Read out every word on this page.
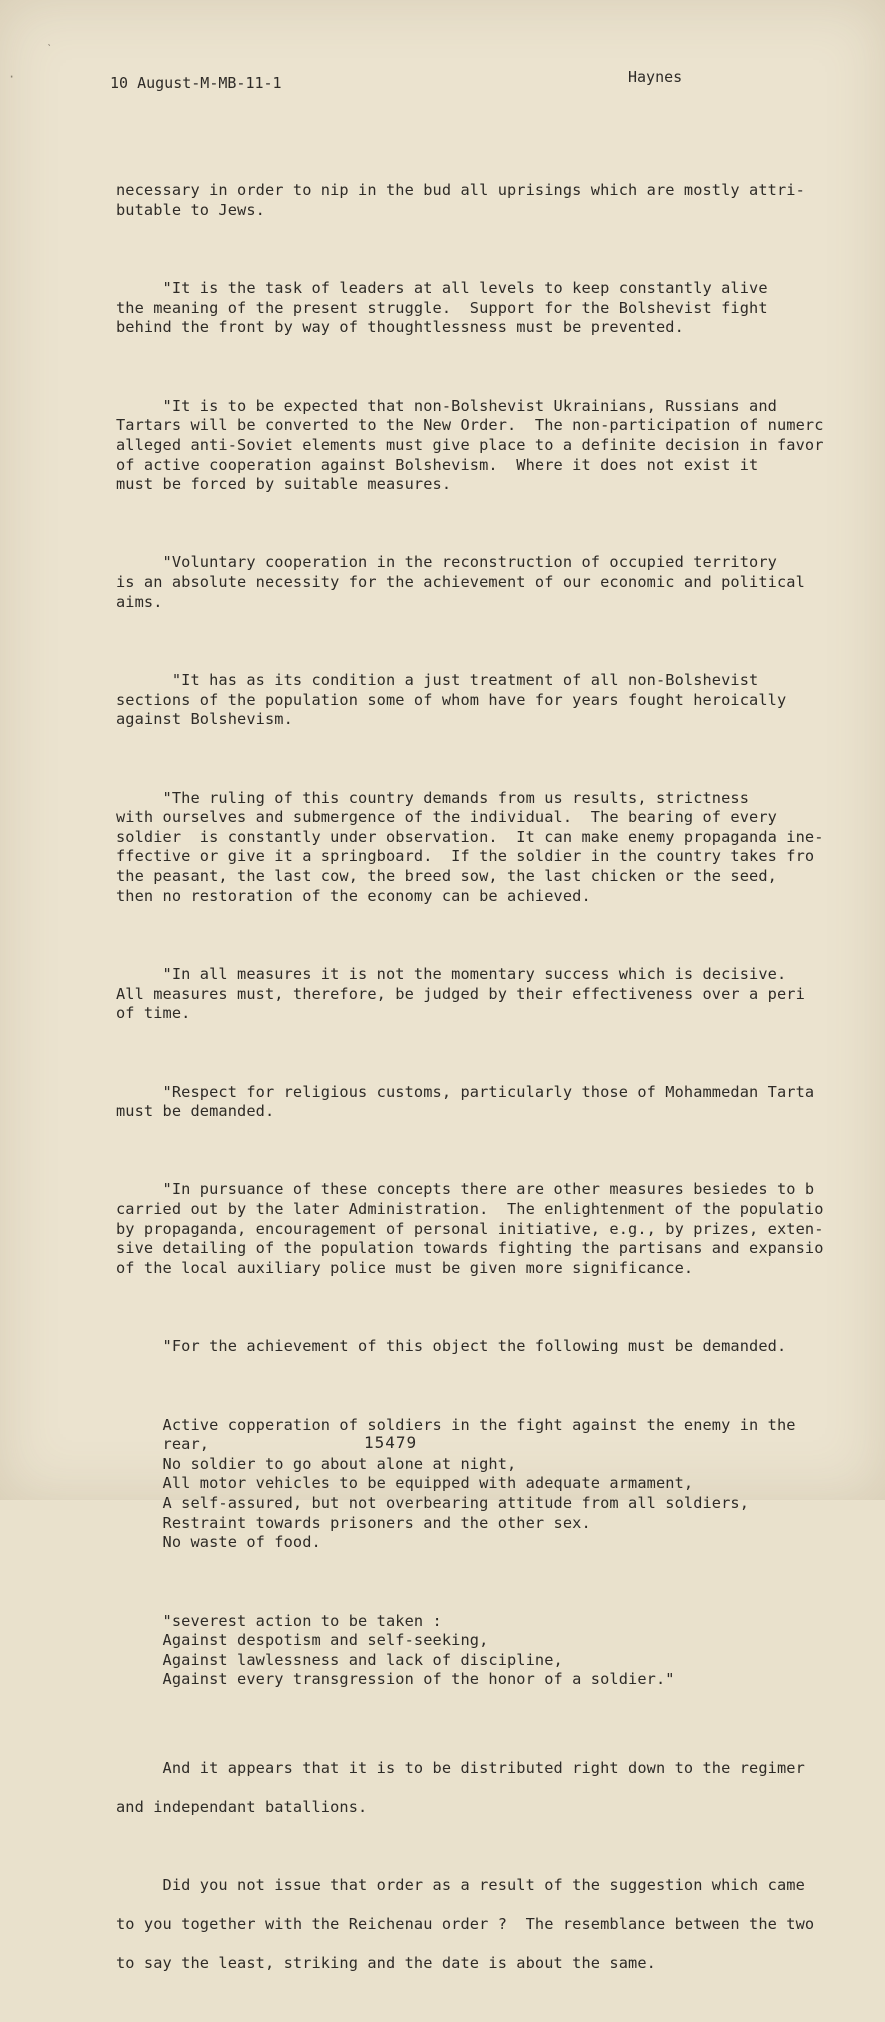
10 August-M-MB-11-1	Haynes

necessary in order to nip in the bud all uprisings which are mostly attri-
butable to Jews.

"It is the task of leaders at all levels to keep constantly alive
the meaning of the present struggle.  Support for the Bolshevist fight
behind the front by way of thoughtlessness must be prevented.

"It is to be expected that non-Bolshevist Ukrainians, Russians and
Tartars will be converted to the New Order.  The non-participation of numerc
alleged anti-Soviet elements must give place to a definite decision in favor
of active cooperation against Bolshevism.  Where it does not exist it
must be forced by suitable measures.

"Voluntary cooperation in the reconstruction of occupied territory
is an absolute necessity for the achievement of our economic and political
aims.

"It has as its condition a just treatment of all non-Bolshevist
sections of the population some of whom have for years fought heroically
against Bolshevism.

"The ruling of this country demands from us results, strictness
with ourselves and submergence of the individual.  The bearing of every
soldier  is constantly under observation.  It can make enemy propaganda ine-
ffective or give it a springboard.  If the soldier in the country takes fro
the peasant, the last cow, the breed sow, the last chicken or the seed,
then no restoration of the economy can be achieved.

"In all measures it is not the momentary success which is decisive.
All measures must, therefore, be judged by their effectiveness over a peri
of time.

"Respect for religious customs, particularly those of Mohammedan Tarta
must be demanded.

"In pursuance of these concepts there are other measures besiedes to b
carried out by the later Administration.  The enlightenment of the populatio
by propaganda, encouragement of personal initiative, e.g., by prizes, exten-
sive detailing of the population towards fighting the partisans and expansio
of the local auxiliary police must be given more significance.

"For the achievement of this object the following must be demanded.

Active copperation of soldiers in the fight against the enemy in the
rear,
No soldier to go about alone at night,
All motor vehicles to be equipped with adequate armament,
A self-assured, but not overbearing attitude from all soldiers,
Restraint towards prisoners and the other sex.
No waste of food.

"severest action to be taken :
Against despotism and self-seeking,
Against lawlessness and lack of discipline,
Against every transgression of the honor of a soldier."

And it appears that it is to be distributed right down to the regimer
and independant batallions.

Did you not issue that order as a result of the suggestion which came
to you together with the Reichenau order ?  The resemblance between the two
to say the least, striking and the date is about the same.

15479
ˋ
·
